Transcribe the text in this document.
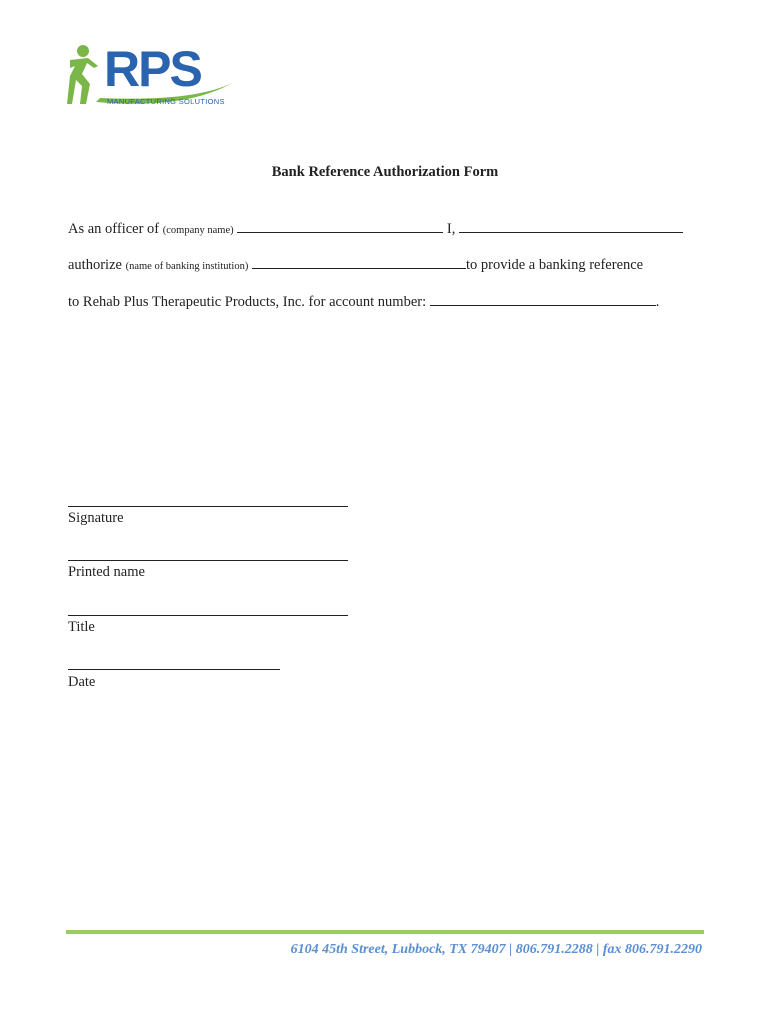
RPS
MANUFACTURING SOLUTIONS
Bank Reference Authorization Form
As an officer of (company name)	I,
authorize (name of banking institution)	to provide a banking reference
to Rehab Plus Therapeutic Products, Inc. for account number:	.
Signature
Printed name
Title
Date
6104 45th Street, Lubbock, TX 79407 | 806.791.2288 | fax 806.791.2290
